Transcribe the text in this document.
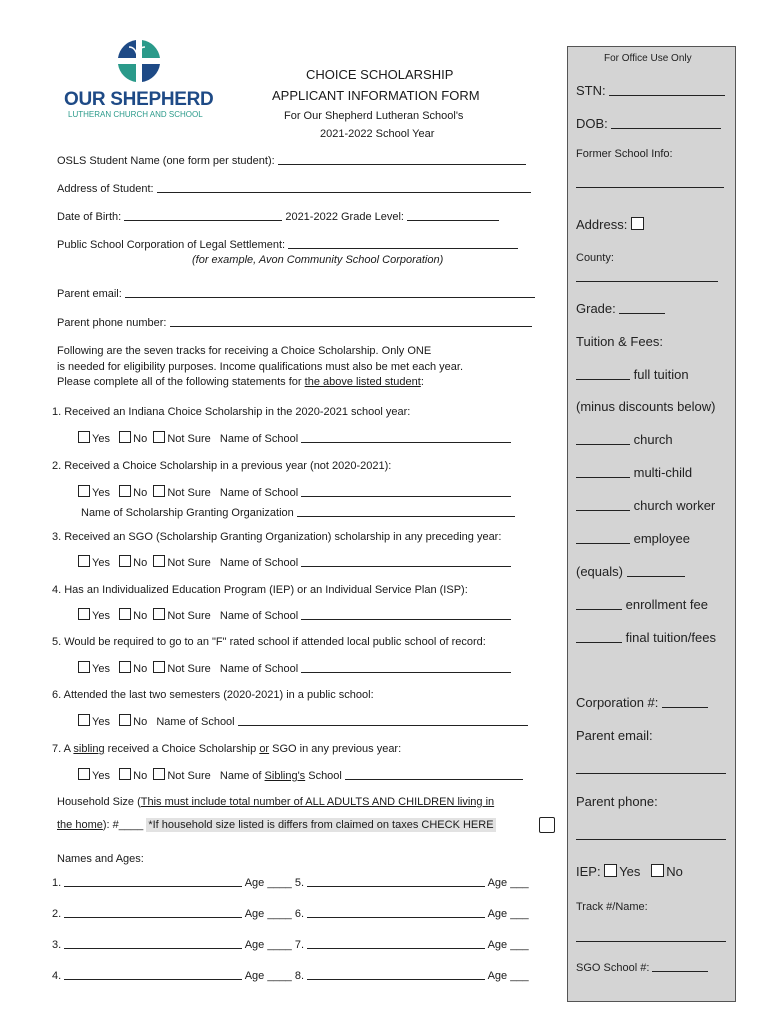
OUR SHEPHERD
LUTHERAN CHURCH AND SCHOOL
CHOICE SCHOLARSHIP
APPLICANT INFORMATION FORM
For Our Shepherd Lutheran School's
2021-2022 School Year
OSLS Student Name (one form per student):
Address of Student:
Date of Birth:	2021-2022 Grade Level:
Public School Corporation of Legal Settlement:
(for example, Avon Community School Corporation)
Parent email:
Parent phone number:
Following are the seven tracks for receiving a Choice Scholarship. Only ONE
is needed for eligibility purposes. Income qualifications must also be met each year.
Please complete all of the following statements for the above listed student:
1. Received an Indiana Choice Scholarship in the 2020-2021 school year:
Yes No Not Sure Name of School
2. Received a Choice Scholarship in a previous year (not 2020-2021):
Yes No Not Sure Name of School
Name of Scholarship Granting Organization
3. Received an SGO (Scholarship Granting Organization) scholarship in any preceding year:
Yes No Not Sure Name of School
4. Has an Individualized Education Program (IEP) or an Individual Service Plan (ISP):
Yes No Not Sure Name of School
5. Would be required to go to an "F" rated school if attended local public school of record:
Yes No Not Sure Name of School
6. Attended the last two semesters (2020-2021) in a public school:
Yes No Name of School
7. A sibling received a Choice Scholarship or SGO in any previous year:
Yes No Not Sure Name of Sibling's School
Household Size (This must include total number of ALL ADULTS AND CHILDREN living in
the home): #____ *If household size listed is differs from claimed on taxes CHECK HERE
Names and Ages:
1.	Age ____ 5.	Age ___
2.	Age ____ 6.	Age ___
3.	Age ____ 7.	Age ___
4.	Age ____ 8.	Age ___
For Office Use Only
STN:
DOB:
Former School Info:
Address:
County:
Grade:
Tuition & Fees:
full tuition
(minus discounts below)
church
multi-child
church worker
employee
(equals)
enrollment fee
final tuition/fees
Corporation #:
Parent email:
Parent phone:
IEP: Yes No
Track #/Name:
SGO School #:
